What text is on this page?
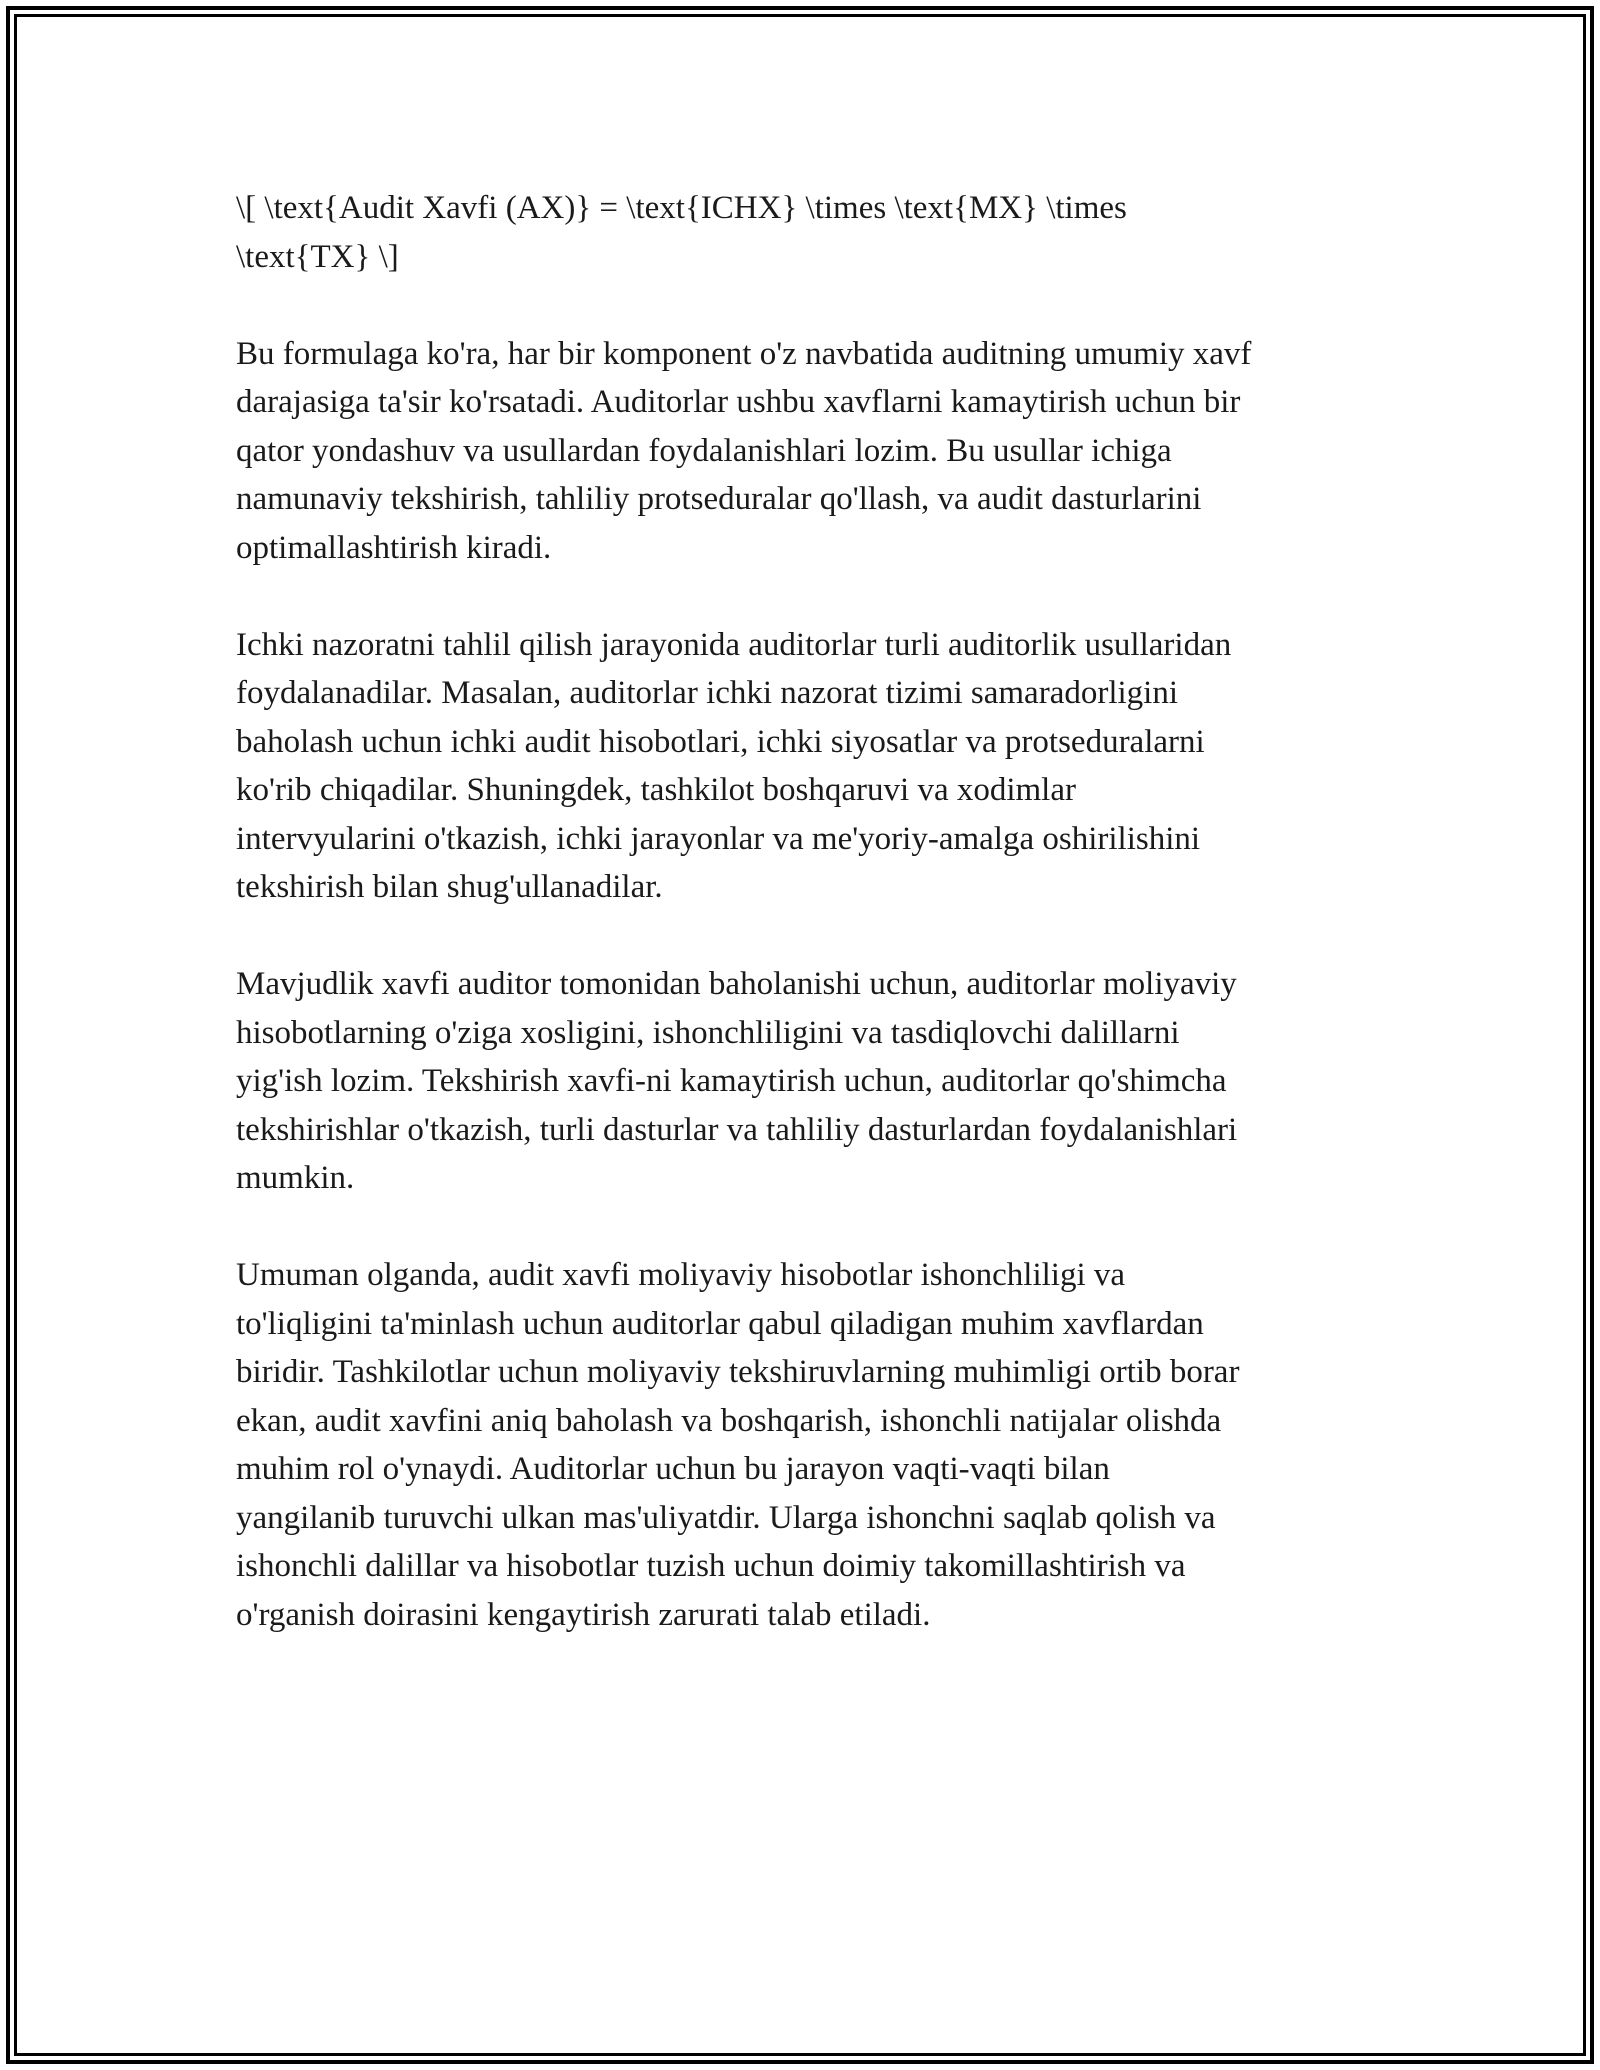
\[ \text{Audit Xavfi (AX)} = \text{ICHX} \times \text{MX} \times
\text{TX} \]

Bu formulaga ko'ra, har bir komponent o'z navbatida auditning umumiy xavf
darajasiga ta'sir ko'rsatadi. Auditorlar ushbu xavflarni kamaytirish uchun bir
qator yondashuv va usullardan foydalanishlari lozim. Bu usullar ichiga
namunaviy tekshirish, tahliliy protseduralar qo'llash, va audit dasturlarini
optimallashtirish kiradi.

Ichki nazoratni tahlil qilish jarayonida auditorlar turli auditorlik usullaridan
foydalanadilar. Masalan, auditorlar ichki nazorat tizimi samaradorligini
baholash uchun ichki audit hisobotlari, ichki siyosatlar va protseduralarni
ko'rib chiqadilar. Shuningdek, tashkilot boshqaruvi va xodimlar
intervyularini o'tkazish, ichki jarayonlar va me'yoriy-amalga oshirilishini
tekshirish bilan shug'ullanadilar.

Mavjudlik xavfi auditor tomonidan baholanishi uchun, auditorlar moliyaviy
hisobotlarning o'ziga xosligini, ishonchliligini va tasdiqlovchi dalillarni
yig'ish lozim. Tekshirish xavfi-ni kamaytirish uchun, auditorlar qo'shimcha
tekshirishlar o'tkazish, turli dasturlar va tahliliy dasturlardan foydalanishlari
mumkin.

Umuman olganda, audit xavfi moliyaviy hisobotlar ishonchliligi va
to'liqligini ta'minlash uchun auditorlar qabul qiladigan muhim xavflardan
biridir. Tashkilotlar uchun moliyaviy tekshiruvlarning muhimligi ortib borar
ekan, audit xavfini aniq baholash va boshqarish, ishonchli natijalar olishda
muhim rol o'ynaydi. Auditorlar uchun bu jarayon vaqti-vaqti bilan
yangilanib turuvchi ulkan mas'uliyatdir. Ularga ishonchni saqlab qolish va
ishonchli dalillar va hisobotlar tuzish uchun doimiy takomillashtirish va
o'rganish doirasini kengaytirish zarurati talab etiladi.
